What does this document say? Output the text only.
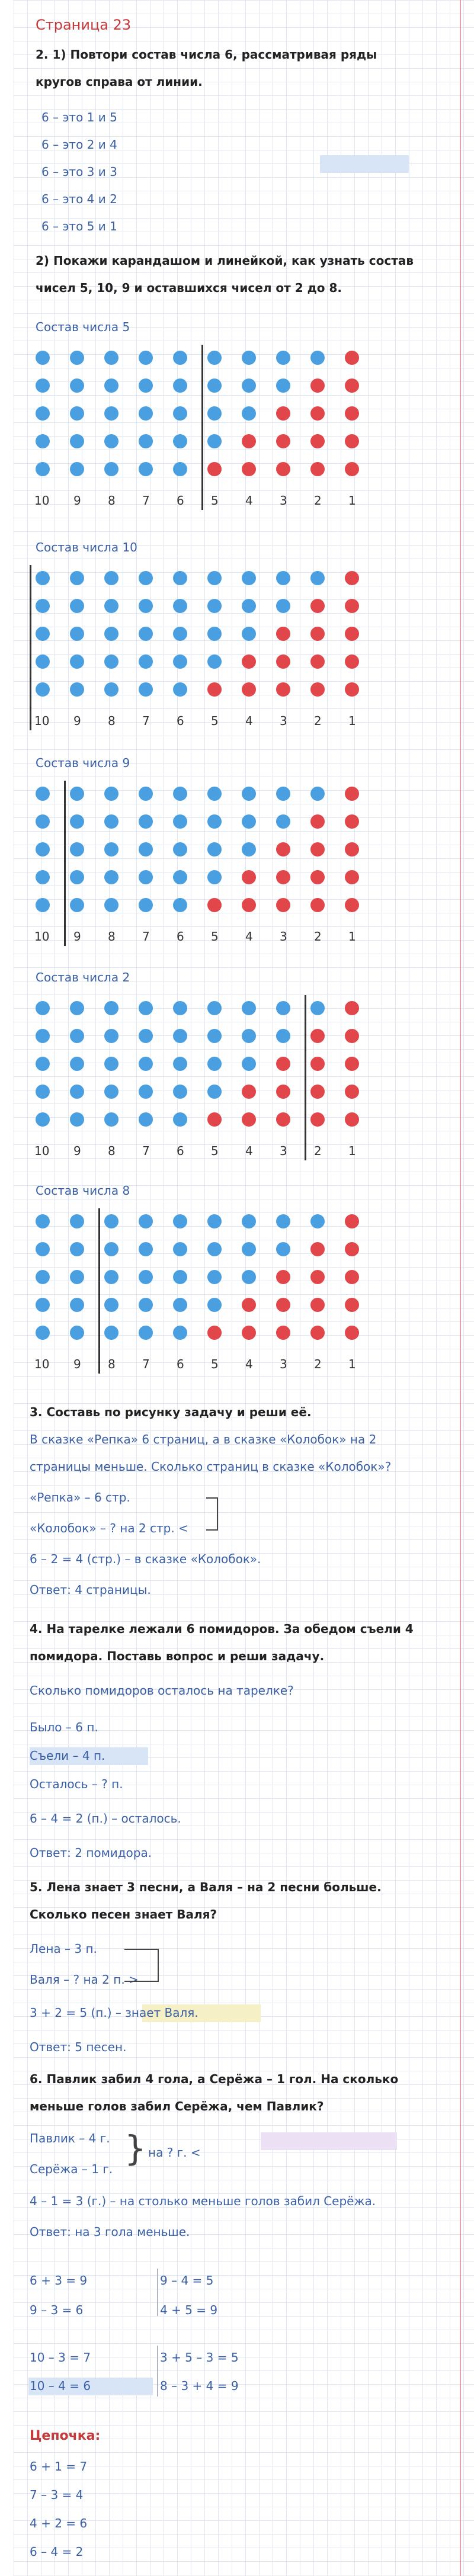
Страница 23
2. 1) Повтори состав числа 6, рассматривая ряды
кругов справа от линии.
6 – это 1 и 5
6 – это 2 и 4
6 – это 3 и 3
6 – это 4 и 2
6 – это 5 и 1
2) Покажи карандашом и линейкой, как узнать состав
чисел 5, 10, 9 и оставшихся чисел от 2 до 8.
Состав числа 5
10 9 8 7 6 5 4 3 2 1
Состав числа 10
10 9 8 7 6 5 4 3 2 1
Состав числа 9
10 9 8 7 6 5 4 3 2 1
Состав числа 2
10 9 8 7 6 5 4 3 2 1
Состав числа 8
10 9 8 7 6 5 4 3 2 1
3. Составь по рисунку задачу и реши её.
В сказке «Репка» 6 страниц, а в сказке «Колобок» на 2
страницы меньше. Сколько страниц в сказке «Колобок»?
«Репка» – 6 стр.
«Колобок» – ? на 2 стр. <
6 – 2 = 4 (стр.) – в сказке «Колобок».
Ответ: 4 страницы.
4. На тарелке лежали 6 помидоров. За обедом съели 4
помидора. Поставь вопрос и реши задачу.
Сколько помидоров осталось на тарелке?
Было – 6 п.
Съели – 4 п.
Осталось – ? п.
6 – 4 = 2 (п.) – осталось.
Ответ: 2 помидора.
5. Лена знает 3 песни, а Валя – на 2 песни больше.
Сколько песен знает Валя?
Лена – 3 п.
Валя – ? на 2 п. >
3 + 2 = 5 (п.) – знает Валя.
Ответ: 5 песен.
6. Павлик забил 4 гола, а Серёжа – 1 гол. На сколько
меньше голов забил Серёжа, чем Павлик?
Павлик – 4 г.
Серёжа – 1 г.
} на ? г. <
4 – 1 = 3 (г.) – на столько меньше голов забил Серёжа.
Ответ: на 3 гола меньше.
6 + 3 = 9
9 – 3 = 6
10 – 3 = 7
10 – 4 = 6
9 – 4 = 5
4 + 5 = 9
3 + 5 – 3 = 5
8 – 3 + 4 = 9
Цепочка:
6 + 1 = 7
7 – 3 = 4
4 + 2 = 6
6 – 4 = 2
